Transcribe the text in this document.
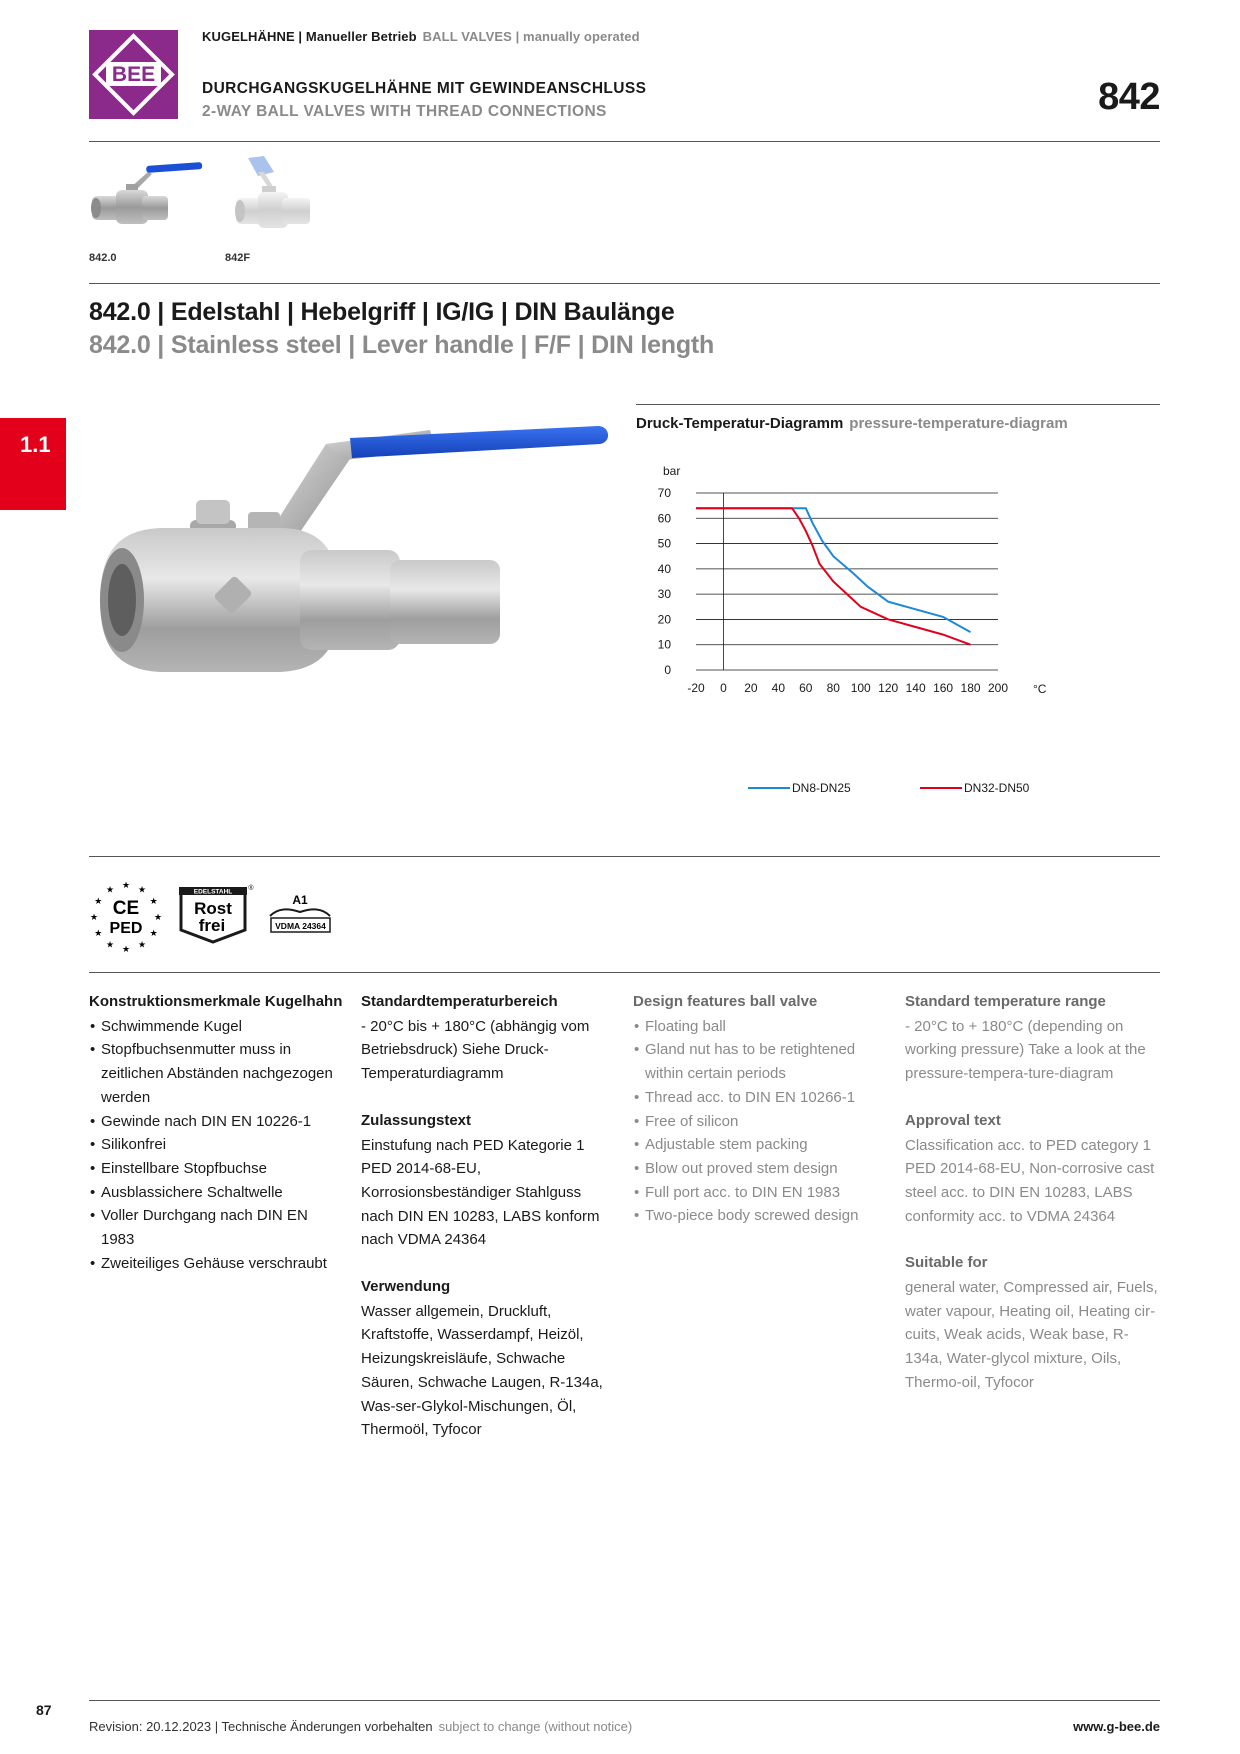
BEE
KUGELHÄHNE | Manueller Betrieb BALL VALVES | manually operated
DURCHGANGSKUGELHÄHNE MIT GEWINDEANSCHLUSS
2-WAY BALL VALVES WITH THREAD CONNECTIONS	842
842.0	842F
842.0 | Edelstahl | Hebelgriff | IG/IG | DIN Baulänge
842.0 | Stainless steel | Lever handle | F/F | DIN length
1.1
Druck-Temperatur-Diagramm pressure-temperature-diagram
0
10
20
30
40
50
60
70
-20 0 20 40 60 80 100 120 140 160 180 200
bar
°C
DN8-DN25	DN32-DN50
CE
PED
★ ★
★
★
★
★
★
★
★
★
★
★	EDELSTAHL
Rost
frei
®
A1
VDMA 24364
Konstruktionsmerkmale Kugelhahn
• Schwimmende Kugel
• Stopfbuchsenmutter muss in zeitlichen Abständen nachgezogen werden
• Gewinde nach DIN EN 10226-1
• Silikonfrei
• Einstellbare Stopfbuchse
• Ausblassichere Schaltwelle
• Voller Durchgang nach DIN EN 1983
• Zweiteiliges Gehäuse verschraubt
Standardtemperaturbereich

- 20°C bis + 180°C (abhängig vom Betriebsdruck) Siehe Druck-Temperaturdiagramm

Zulassungstext

Einstufung nach PED Kategorie 1 PED 2014-68-EU, Korrosionsbeständiger Stahlguss nach DIN EN 10283, LABS konform nach VDMA 24364

Verwendung

Wasser allgemein, Druckluft, Kraftstoffe, Wasserdampf, Heizöl, Heizungskreisläufe, Schwache Säuren, Schwache Laugen, R-134a, Was-ser-Glykol-Mischungen, Öl, Thermoöl, Tyfocor

Design features ball valve
• Floating ball
• Gland nut has to be retightened within certain periods
• Thread acc. to DIN EN 10266-1
• Free of silicon
• Adjustable stem packing
• Blow out proved stem design
• Full port acc. to DIN EN 1983
• Two-piece body screwed design
Standard temperature range

- 20°C to + 180°C (depending on working pressure) Take a look at the pressure-tempera-ture-diagram

Approval text

Classification acc. to PED category 1 PED 2014-68-EU, Non-corrosive cast steel acc. to DIN EN 10283, LABS conformity acc. to VDMA 24364

Suitable for

general water, Compressed air, Fuels, water vapour, Heating oil, Heating cir-cuits, Weak acids, Weak base, R-134a, Water-glycol mixture, Oils, Thermo-oil, Tyfocor

87
Revision: 20.12.2023 | Technische Änderungen vorbehalten subject to change (without notice)	www.g-bee.de
